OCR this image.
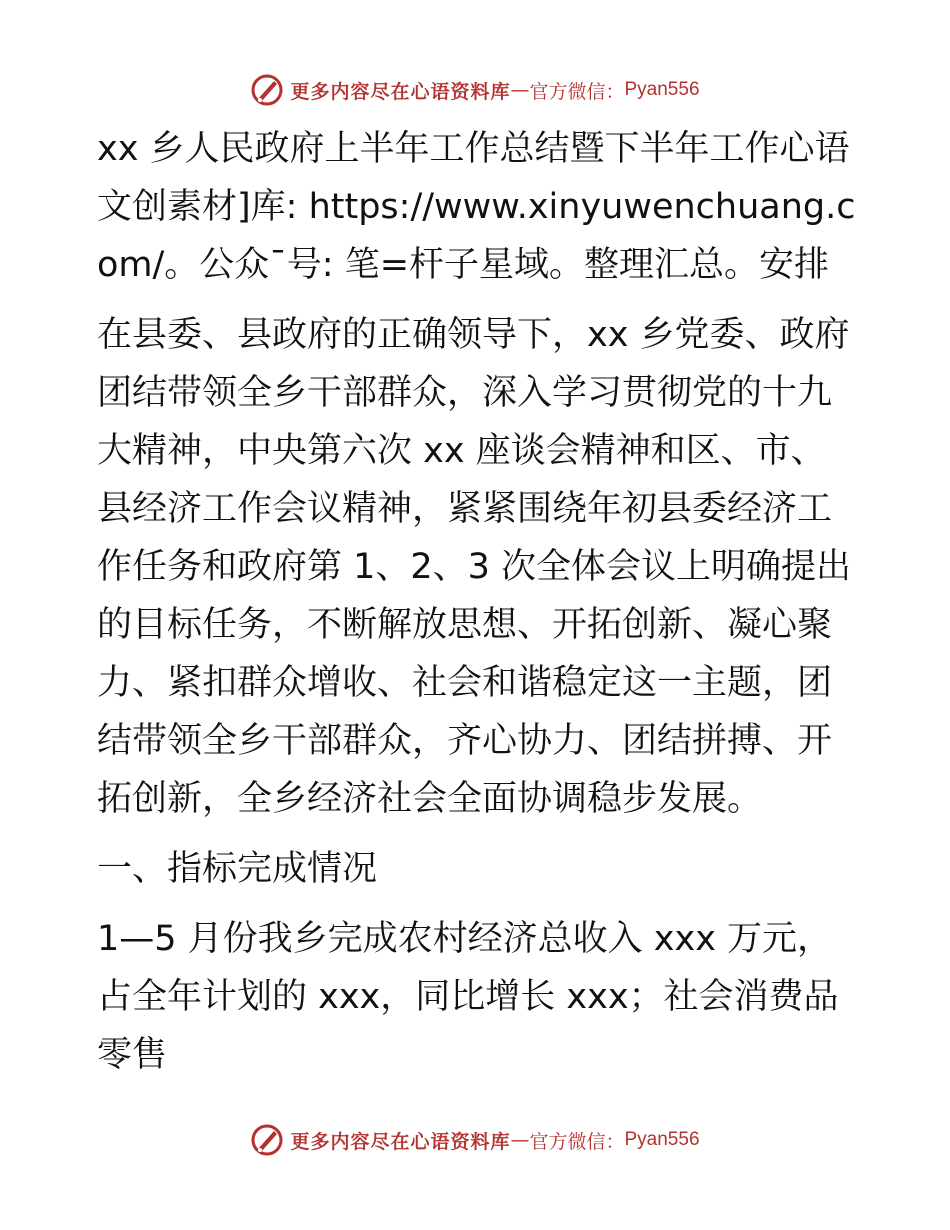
更多内容尽在心语资料库 — 官方微信： Pyan556

xx 乡人民政府上半年工作总结暨下半年工作心语文创素材]库: https://www.xinyuwenchuang.com/。公众¯号: 笔=杆子星域。整理汇总。安排

在县委、县政府的正确领导下，xx 乡党委、政府团结带领全乡干部群众，深入学习贯彻党的十九大精神，中央第六次 xx 座谈会精神和区、市、县经济工作会议精神，紧紧围绕年初县委经济工作任务和政府第 1、2、3 次全体会议上明确提出的目标任务，不断解放思想、开拓创新、凝心聚力、紧扣群众增收、社会和谐稳定这一主题，团结带领全乡干部群众，齐心协力、团结拼搏、开拓创新，全乡经济社会全面协调稳步发展。

一、指标完成情况

1—5 月份我乡完成农村经济总收入 xxx 万元，占全年计划的 xxx，同比增长 xxx；社会消费品零售

更多内容尽在心语资料库 — 官方微信： Pyan556
